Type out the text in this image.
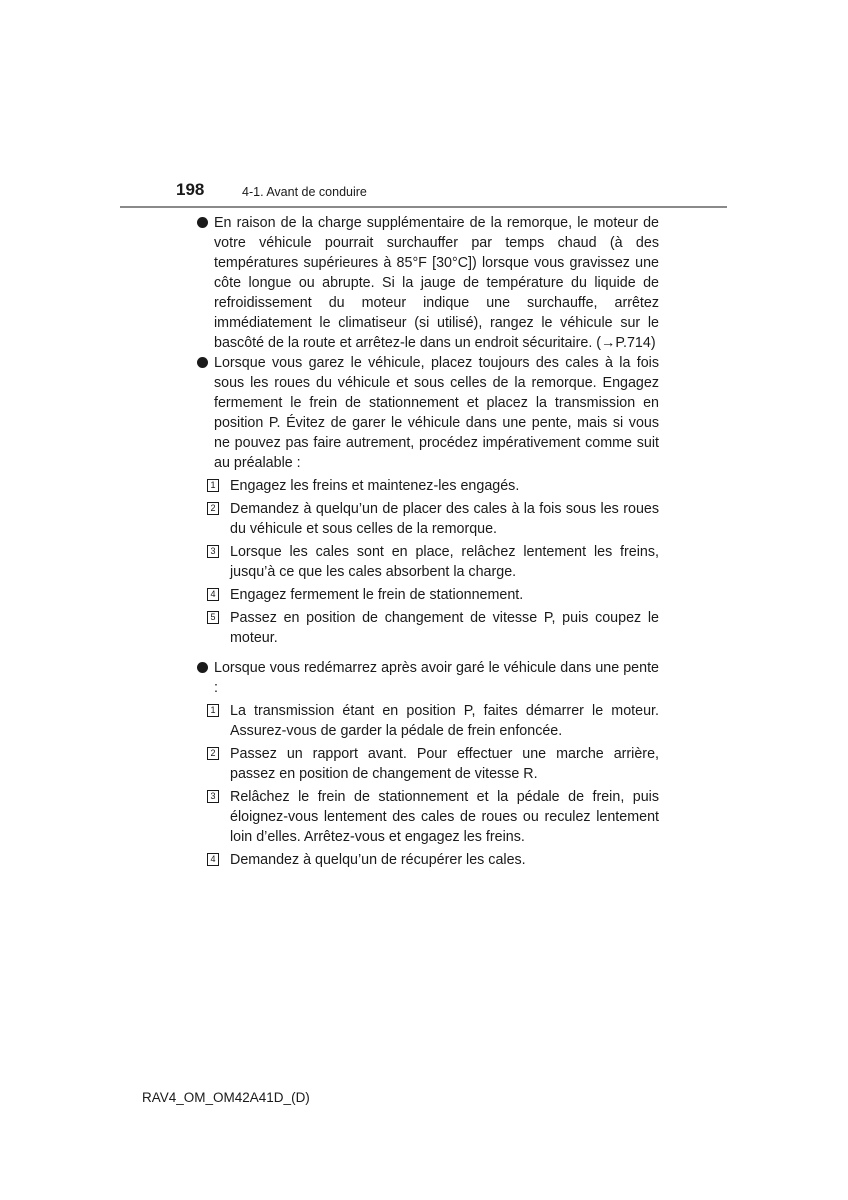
198	4-1. Avant de conduire
En raison de la charge supplémentaire de la remorque, le moteur de votre véhicule pourrait surchauffer par temps chaud (à des températures supérieures à 85°F [30°C]) lorsque vous gravissez une côte longue ou abrupte. Si la jauge de température du liquide de refroidissement du moteur indique une surchauffe, arrêtez immédiatement le climatiseur (si utilisé), rangez le véhicule sur le bascôté de la route et arrêtez-le dans un endroit sécuritaire. (→P.714)
Lorsque vous garez le véhicule, placez toujours des cales à la fois sous les roues du véhicule et sous celles de la remorque. Engagez fermement le frein de stationnement et placez la transmission en position P. Évitez de garer le véhicule dans une pente, mais si vous ne pouvez pas faire autrement, procédez impérativement comme suit au préalable :
1 Engagez les freins et maintenez-les engagés.
2 Demandez à quelqu’un de placer des cales à la fois sous les roues du véhicule et sous celles de la remorque.
3 Lorsque les cales sont en place, relâchez lentement les freins, jusqu’à ce que les cales absorbent la charge.
4 Engagez fermement le frein de stationnement.
5 Passez en position de changement de vitesse P, puis coupez le moteur.
Lorsque vous redémarrez après avoir garé le véhicule dans une pente :
1 La transmission étant en position P, faites démarrer le moteur. Assurez-vous de garder la pédale de frein enfoncée.
2 Passez un rapport avant. Pour effectuer une marche arrière, passez en position de changement de vitesse R.
3 Relâchez le frein de stationnement et la pédale de frein, puis éloignez-vous lentement des cales de roues ou reculez lentement loin d’elles. Arrêtez-vous et engagez les freins.
4 Demandez à quelqu’un de récupérer les cales.
RAV4_OM_OM42A41D_(D)
